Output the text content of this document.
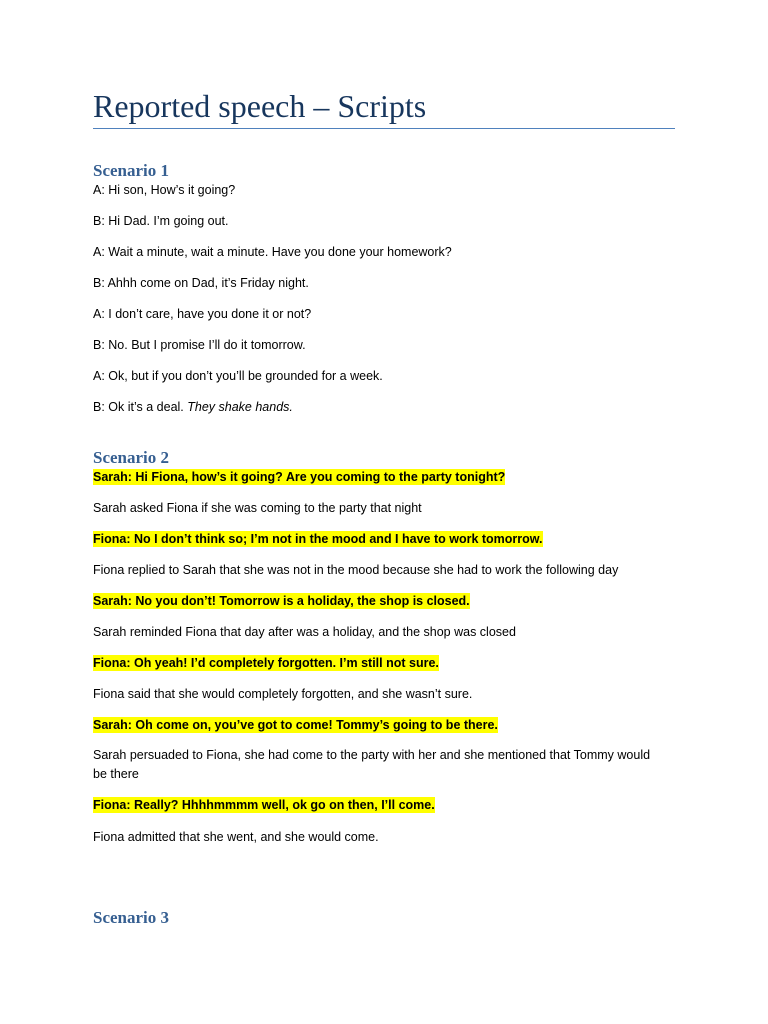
Reported speech – Scripts
Scenario 1
A: Hi son, How’s it going?
B: Hi Dad. I’m going out.
A: Wait a minute, wait a minute. Have you done your homework?
B: Ahhh come on Dad, it’s Friday night.
A: I don’t care, have you done it or not?
B: No. But I promise I’ll do it tomorrow.
A: Ok, but if you don’t you’ll be grounded for a week.
B: Ok it’s a deal. They shake hands.
Scenario 2
Sarah: Hi Fiona, how’s it going? Are you coming to the party tonight?
Sarah asked Fiona if she was coming to the party that night
Fiona: No I don’t think so; I’m not in the mood and I have to work tomorrow.
Fiona replied to Sarah that she was not in the mood because she had to work the following day
Sarah: No you don’t! Tomorrow is a holiday, the shop is closed.
Sarah reminded Fiona that day after was a holiday, and the shop was closed
Fiona: Oh yeah! I’d completely forgotten. I’m still not sure.
Fiona said that she would completely forgotten, and she wasn’t sure.
Sarah: Oh come on, you’ve got to come! Tommy’s going to be there.
Sarah persuaded to Fiona, she had come to the party with her and she mentioned that Tommy would be there
Fiona: Really? Hhhhmmmm well, ok go on then, I’ll come.
Fiona admitted that she went, and she would come.
Scenario 3
